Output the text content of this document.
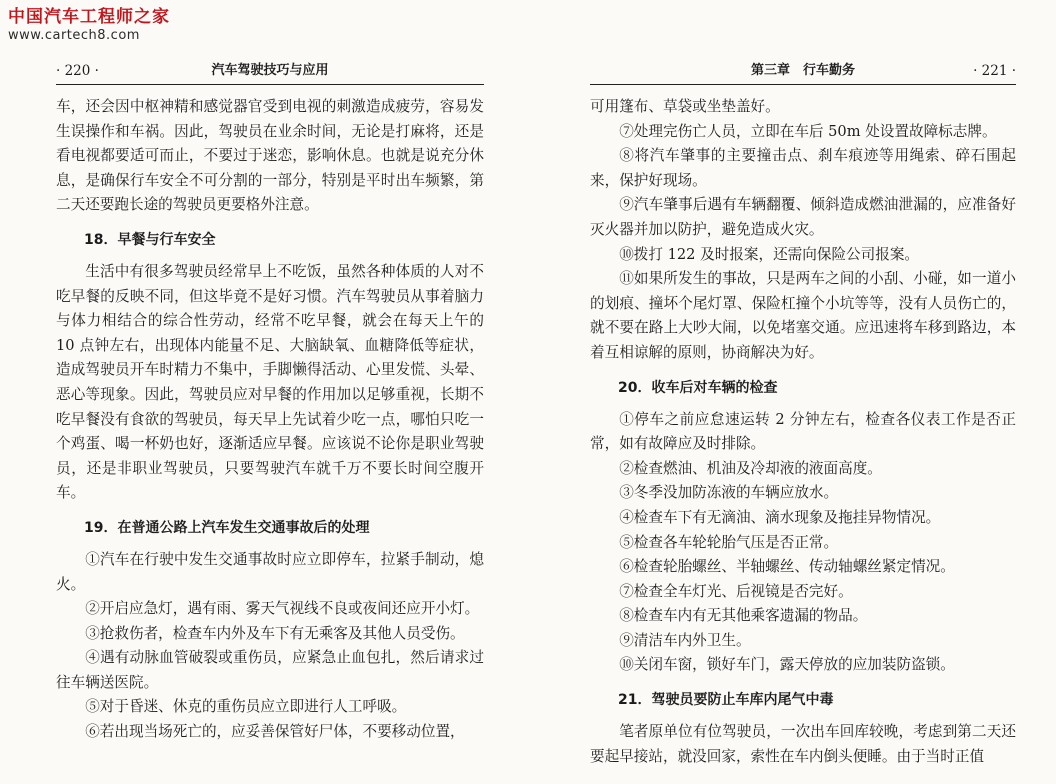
中国汽车工程师之家
www.cartech8.com
汽车驾驶技巧与应用
· 220 ·

车，还会因中枢神精和感觉器官受到电视的刺激造成疲劳，容易发生误操作和车祸。因此，驾驶员在业余时间，无论是打麻将，还是看电视都要适可而止，不要过于迷恋，影响休息。也就是说充分休息，是确保行车安全不可分割的一部分，特别是平时出车频繁，第二天还要跑长途的驾驶员更要格外注意。

18．早餐与行车安全

生活中有很多驾驶员经常早上不吃饭，虽然各种体质的人对不吃早餐的反映不同，但这毕竟不是好习惯。汽车驾驶员从事着脑力与体力相结合的综合性劳动，经常不吃早餐，就会在每天上午的 10 点钟左右，出现体内能量不足、大脑缺氧、血糖降低等症状，造成驾驶员开车时精力不集中，手脚懒得活动、心里发慌、头晕、恶心等现象。因此，驾驶员应对早餐的作用加以足够重视，长期不吃早餐没有食欲的驾驶员，每天早上先试着少吃一点，哪怕只吃一个鸡蛋、喝一杯奶也好，逐渐适应早餐。应该说不论你是职业驾驶员，还是非职业驾驶员，只要驾驶汽车就千万不要长时间空腹开车。

19．在普通公路上汽车发生交通事故后的处理

①汽车在行驶中发生交通事故时应立即停车，拉紧手制动，熄火。

②开启应急灯，遇有雨、雾天气视线不良或夜间还应开小灯。

③抢救伤者，检查车内外及车下有无乘客及其他人员受伤。

④遇有动脉血管破裂或重伤员，应紧急止血包扎，然后请求过往车辆送医院。

⑤对于昏迷、休克的重伤员应立即进行人工呼吸。

⑥若出现当场死亡的，应妥善保管好尸体，不要移动位置，

第三章　行车勤务	· 221 ·

可用篷布、草袋或坐垫盖好。

⑦处理完伤亡人员，立即在车后 50m 处设置故障标志牌。

⑧将汽车肇事的主要撞击点、刹车痕迹等用绳索、碎石围起来，保护好现场。

⑨汽车肇事后遇有车辆翻覆、倾斜造成燃油泄漏的，应准备好灭火器并加以防护，避免造成火灾。

⑩拨打 122 及时报案，还需向保险公司报案。

⑪如果所发生的事故，只是两车之间的小刮、小碰，如一道小的划痕、撞坏个尾灯罩、保险杠撞个小坑等等，没有人员伤亡的，就不要在路上大吵大闹，以免堵塞交通。应迅速将车移到路边，本着互相谅解的原则，协商解决为好。

20．收车后对车辆的检查

①停车之前应怠速运转 2 分钟左右，检查各仪表工作是否正常，如有故障应及时排除。

②检查燃油、机油及冷却液的液面高度。

③冬季没加防冻液的车辆应放水。

④检查车下有无滴油、滴水现象及拖挂异物情况。

⑤检查各车轮轮胎气压是否正常。

⑥检查轮胎螺丝、半轴螺丝、传动轴螺丝紧定情况。

⑦检查全车灯光、后视镜是否完好。

⑧检查车内有无其他乘客遗漏的物品。

⑨清洁车内外卫生。

⑩关闭车窗，锁好车门，露天停放的应加装防盗锁。

21．驾驶员要防止车库内尾气中毒

笔者原单位有位驾驶员，一次出车回库较晚，考虑到第二天还要起早接站，就没回家，索性在车内倒头便睡。由于当时正值
